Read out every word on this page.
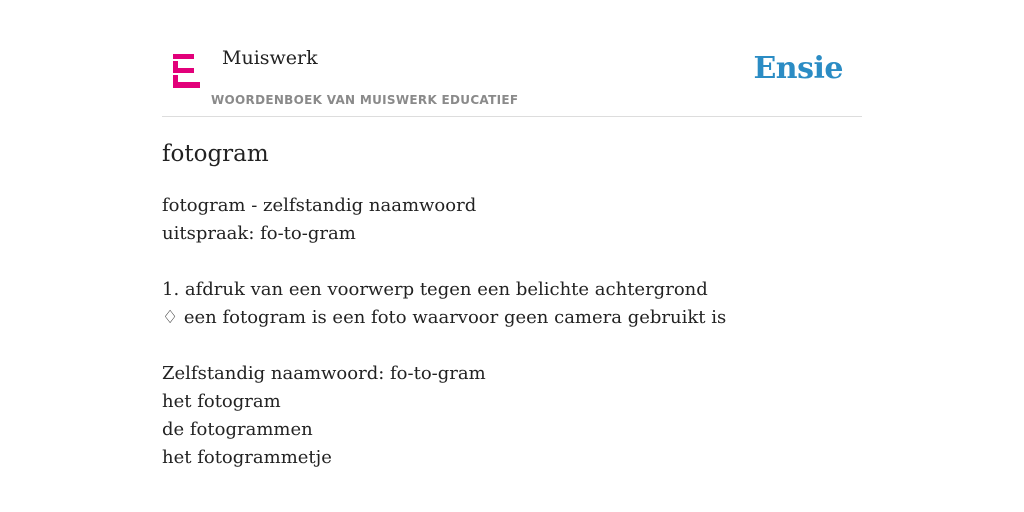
Muiswerk
WOORDENBOEK VAN MUISWERK EDUCATIEF
Ensie
fotogram
fotogram - zelfstandig naamwoord
uitspraak: fo-to-gram
1. afdruk van een voorwerp tegen een belichte achtergrond
♢ een fotogram is een foto waarvoor geen camera gebruikt is
Zelfstandig naamwoord: fo-to-gram
het fotogram
de fotogrammen
het fotogrammetje
